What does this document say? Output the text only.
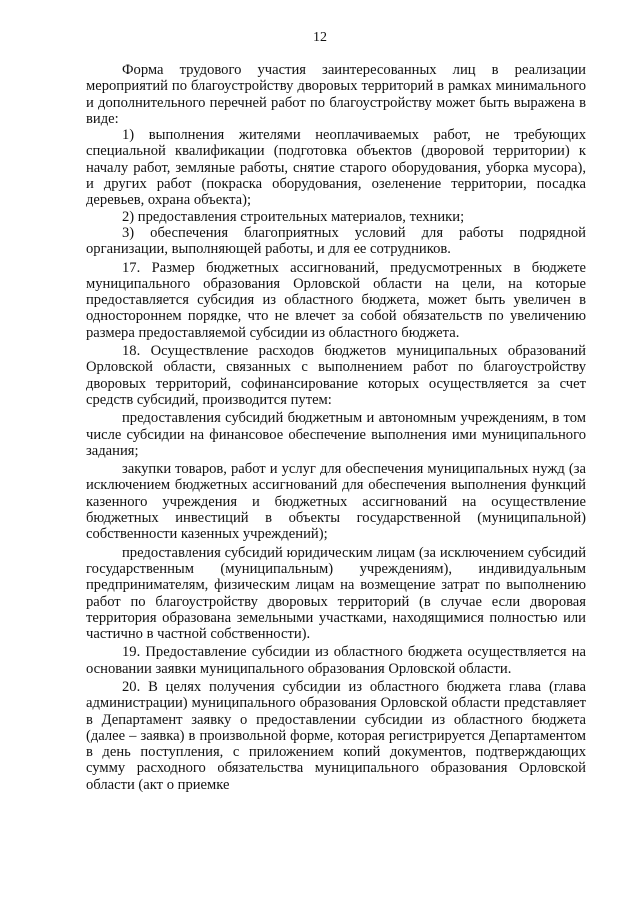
12

Форма трудового участия заинтересованных лиц в реализации мероприятий по благоустройству дворовых территорий в рамках минимального и дополнительного перечней работ по благоустройству может быть выражена в виде:

1) выполнения жителями неоплачиваемых работ, не требующих специальной квалификации (подготовка объектов (дворовой территории) к началу работ, земляные работы, снятие старого оборудования, уборка мусора), и других работ (покраска оборудования, озеленение территории, посадка деревьев, охрана объекта);

2) предоставления строительных материалов, техники;

3) обеспечения благоприятных условий для работы подрядной организации, выполняющей работы, и для ее сотрудников.

17. Размер бюджетных ассигнований, предусмотренных в бюджете муниципального образования Орловской области на цели, на которые предоставляется субсидия из областного бюджета, может быть увеличен в одностороннем порядке, что не влечет за собой обязательств по увеличению размера предоставляемой субсидии из областного бюджета.

18. Осуществление расходов бюджетов муниципальных образований Орловской области, связанных с выполнением работ по благоустройству дворовых территорий, софинансирование которых осуществляется за счет средств субсидий, производится путем:

предоставления субсидий бюджетным и автономным учреждениям, в том числе субсидии на финансовое обеспечение выполнения ими муниципального задания;

закупки товаров, работ и услуг для обеспечения муниципальных нужд (за исключением бюджетных ассигнований для обеспечения выполнения функций казенного учреждения и бюджетных ассигнований на осуществление бюджетных инвестиций в объекты государственной (муниципальной) собственности казенных учреждений);

предоставления субсидий юридическим лицам (за исключением субсидий государственным (муниципальным) учреждениям), индивидуальным предпринимателям, физическим лицам на возмещение затрат по выполнению работ по благоустройству дворовых территорий (в случае если дворовая территория образована земельными участками, находящимися полностью или частично в частной собственности).

19. Предоставление субсидии из областного бюджета осуществляется на основании заявки муниципального образования Орловской области.

20. В целях получения субсидии из областного бюджета глава (глава администрации) муниципального образования Орловской области представляет в Департамент заявку о предоставлении субсидии из областного бюджета (далее – заявка) в произвольной форме, которая регистрируется Департаментом в день поступления, с приложением копий документов, подтверждающих сумму расходного обязательства муниципального образования Орловской области (акт о приемке
